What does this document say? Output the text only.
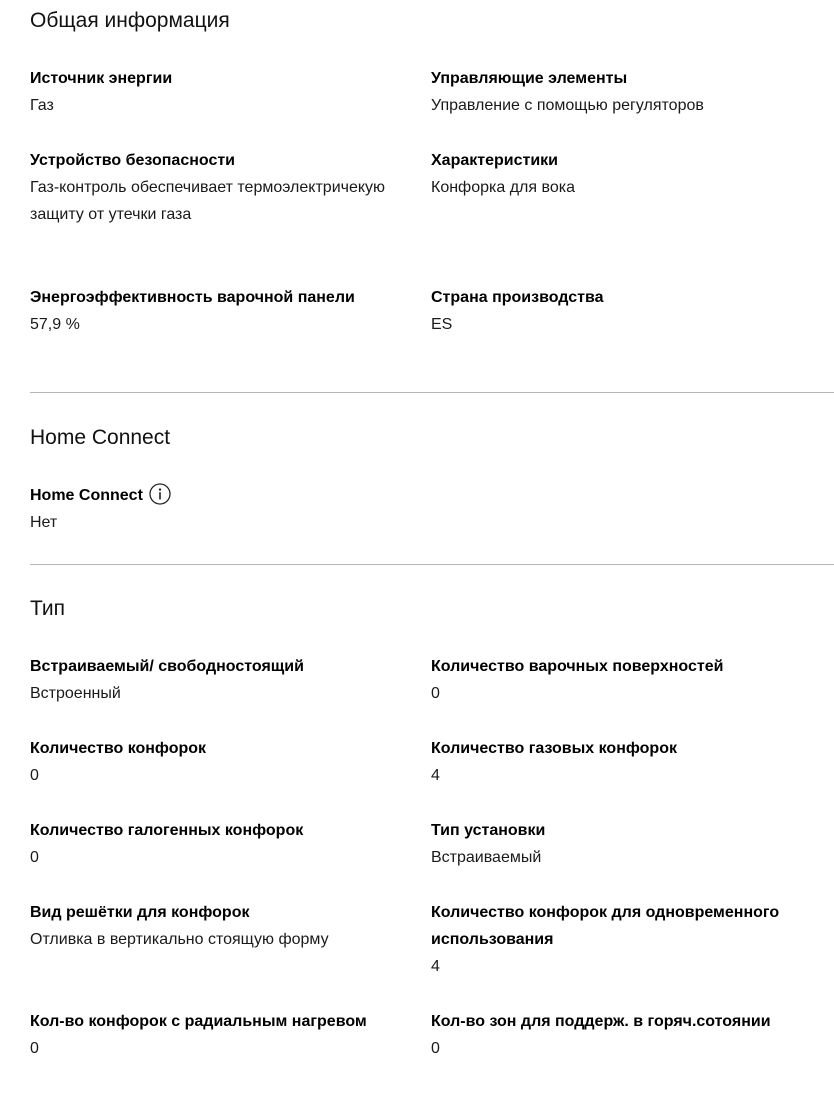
Общая информация
Источник энергии
Газ
Управляющие элементы
Управление с помощью регуляторов
Устройство безопасности
Газ-контроль обеспечивает термоэлектричекую защиту от утечки газа
Характеристики
Конфорка для вока
Энергоэффективность варочной панели
57,9 %
Страна производства
ES
Home Connect
Home Connect
Нет
Тип
Встраиваемый/ свободностоящий
Встроенный
Количество варочных поверхностей
0
Количество конфорок
0
Количество газовых конфорок
4
Количество галогенных конфорок
0
Тип установки
Встраиваемый
Вид решётки для конфорок
Отливка в вертикально стоящую форму
Количество конфорок для одновременного использования
4
Кол-во конфорок с радиальным нагревом
0
Кол-во зон для поддерж. в горяч.сотоянии
0
